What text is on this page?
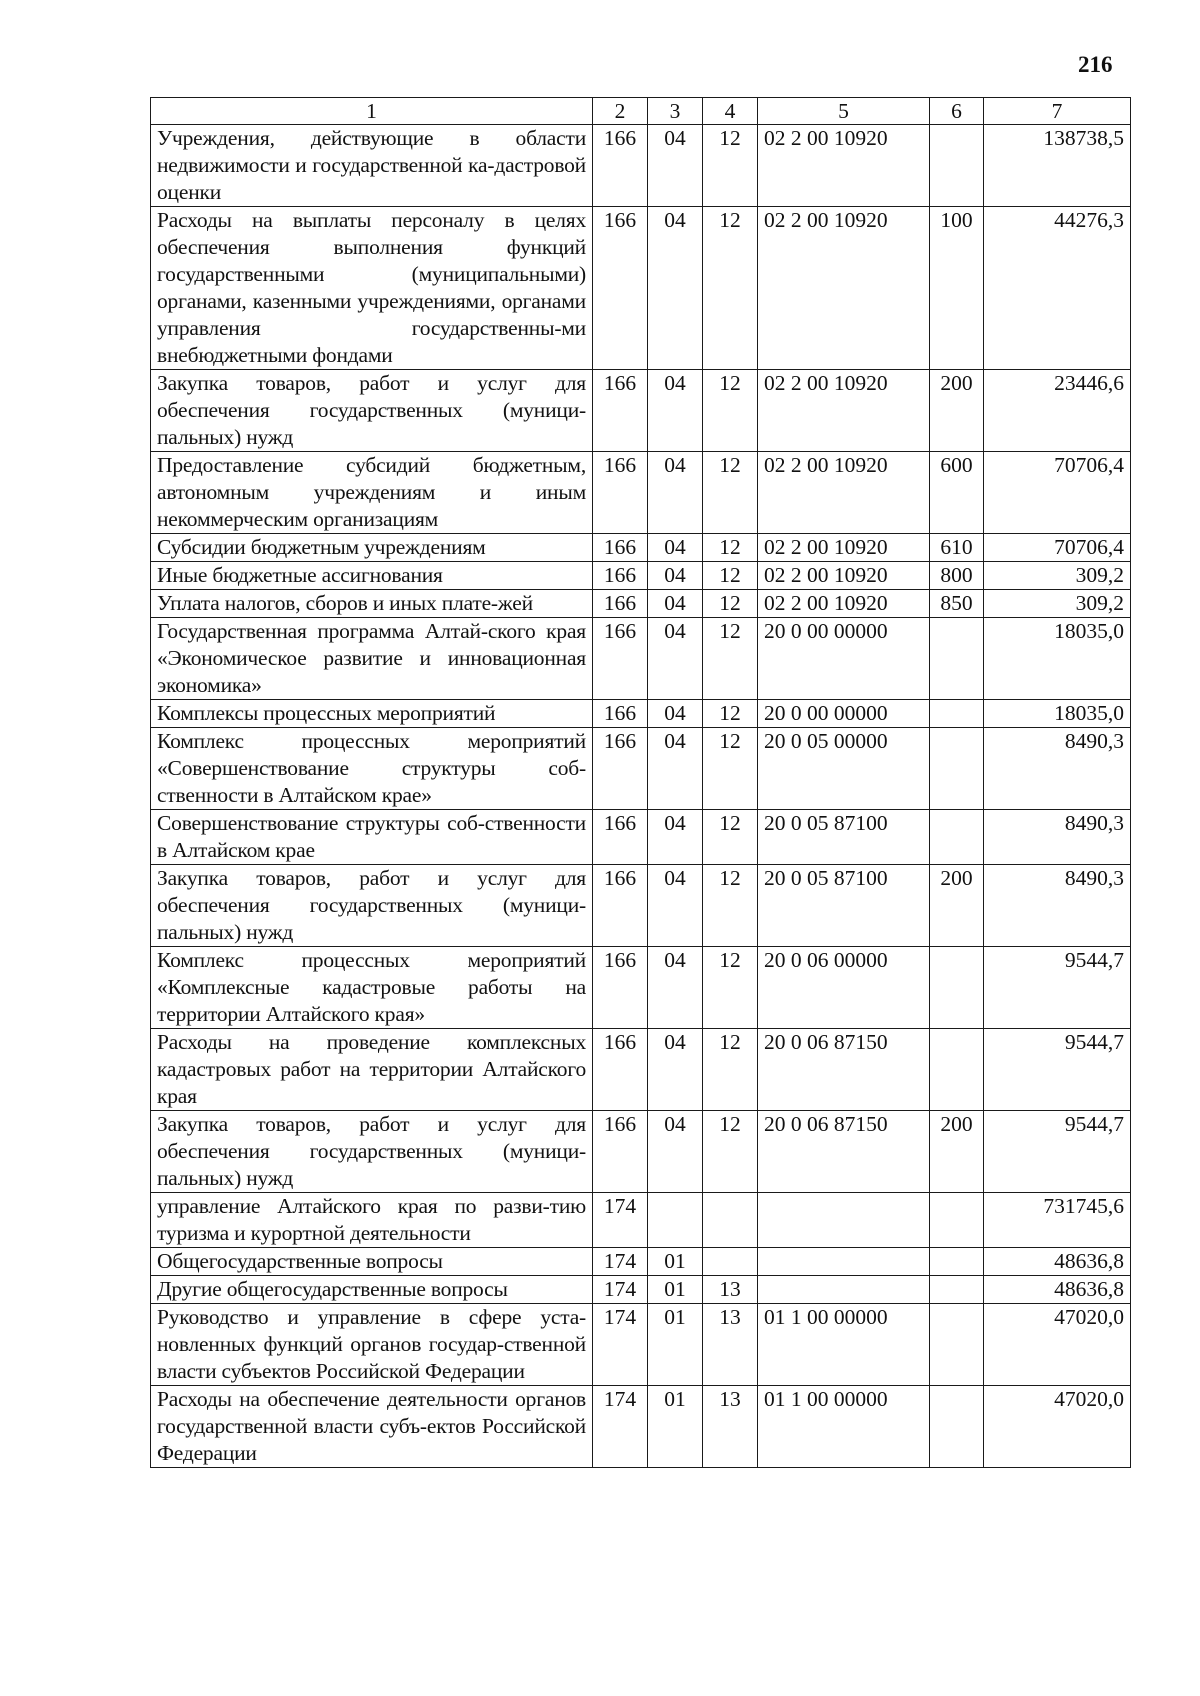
216
1	2	3	4	5	6	7
Учреждения, действующие в области недвижимости и государственной ка-дастровой оценки	166	04	12	02 2 00 10920		138738,5
Расходы на выплаты персоналу в целях обеспечения выполнения функций государственными (муниципальными) органами, казенными учреждениями, органами управления государственны-ми внебюджетными фондами	166	04	12	02 2 00 10920	100	44276,3
Закупка товаров, работ и услуг для обеспечения государственных (муници-пальных) нужд	166	04	12	02 2 00 10920	200	23446,6
Предоставление субсидий бюджетным, автономным учреждениям и иным некоммерческим организациям	166	04	12	02 2 00 10920	600	70706,4
Субсидии бюджетным учреждениям	166	04	12	02 2 00 10920	610	70706,4
Иные бюджетные ассигнования	166	04	12	02 2 00 10920	800	309,2
Уплата налогов, сборов и иных плате-жей	166	04	12	02 2 00 10920	850	309,2
Государственная программа Алтай-ского края «Экономическое развитие и инновационная экономика»	166	04	12	20 0 00 00000		18035,0
Комплексы процессных мероприятий	166	04	12	20 0 00 00000		18035,0
Комплекс процессных мероприятий «Совершенствование структуры соб-ственности в Алтайском крае»	166	04	12	20 0 05 00000		8490,3
Совершенствование структуры соб-ственности в Алтайском крае	166	04	12	20 0 05 87100		8490,3
Закупка товаров, работ и услуг для обеспечения государственных (муници-пальных) нужд	166	04	12	20 0 05 87100	200	8490,3
Комплекс процессных мероприятий «Комплексные кадастровые работы на территории Алтайского края»	166	04	12	20 0 06 00000		9544,7
Расходы на проведение комплексных кадастровых работ на территории Алтайского края	166	04	12	20 0 06 87150		9544,7
Закупка товаров, работ и услуг для обеспечения государственных (муници-пальных) нужд	166	04	12	20 0 06 87150	200	9544,7
управление Алтайского края по разви-тию туризма и курортной деятельности	174					731745,6
Общегосударственные вопросы	174	01				48636,8
Другие общегосударственные вопросы	174	01	13			48636,8
Руководство и управление в сфере уста-новленных функций органов государ-ственной власти субъектов Российской Федерации	174	01	13	01 1 00 00000		47020,0
Расходы на обеспечение деятельности органов государственной власти субъ-ектов Российской Федерации	174	01	13	01 1 00 00000		47020,0
